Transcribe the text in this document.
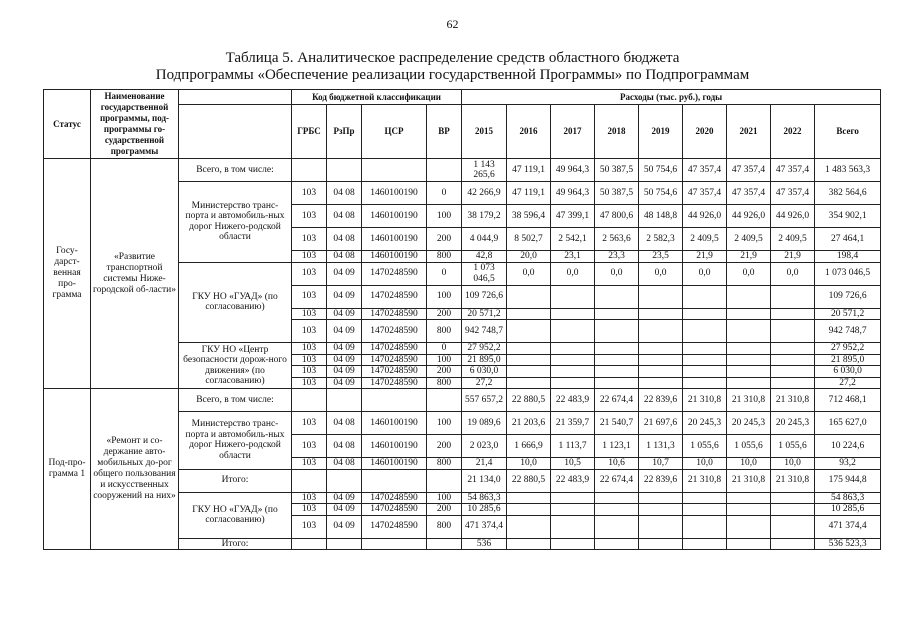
62
Таблица 5. Аналитическое распределение средств областного бюджета
Подпрограммы «Обеспечение реализации государственной Программы» по Подпрограммам
Статус	Наименование государственной программы, под-программы го-сударственной программы		Код бюджетной классификации				Расходы (тыс. руб.), годы								
			ГРБС	РзПр	ЦСР	ВР	2015	2016	2017	2018	2019	2020	2021	2022	Всего
Госу-дарст-венная про-грамма	«Развитие транспортной системы Ниже-городской об-ласти»	Всего, в том числе:					1 143 265,6	47 119,1	49 964,3	50 387,5	50 754,6	47 357,4	47 357,4	47 357,4	1 483 563,3
		Министерство транс-порта и автомобиль-ных дорог Нижего-родской области	103	04 08	1460100190	0	42 266,9	47 119,1	49 964,3	50 387,5	50 754,6	47 357,4	47 357,4	47 357,4	382 564,6
			103	04 08	1460100190	100	38 179,2	38 596,4	47 399,1	47 800,6	48 148,8	44 926,0	44 926,0	44 926,0	354 902,1
			103	04 08	1460100190	200	4 044,9	8 502,7	2 542,1	2 563,6	2 582,3	2 409,5	2 409,5	2 409,5	27 464,1
			103	04 08	1460100190	800	42,8	20,0	23,1	23,3	23,5	21,9	21,9	21,9	198,4
		ГКУ НО «ГУАД» (по согласованию)	103	04 09	1470248590	0	1 073 046,5	0,0	0,0	0,0	0,0	0,0	0,0	0,0	1 073 046,5
			103	04 09	1470248590	100	109 726,6								109 726,6
			103	04 09	1470248590	200	20 571,2								20 571,2
			103	04 09	1470248590	800	942 748,7								942 748,7
		ГКУ НО «Центр безопасности дорож-ного движения» (по согласованию)	103	04 09	1470248590	0	27 952,2								27 952,2
			103	04 09	1470248590	100	21 895,0								21 895,0
			103	04 09	1470248590	200	6 030,0								6 030,0
			103	04 09	1470248590	800	27,2								27,2
Под-про-грамма 1	«Ремонт и со-держание авто-мобильных до-рог общего пользования и искусственных сооружений на них»	Всего, в том числе:					557 657,2	22 880,5	22 483,9	22 674,4	22 839,6	21 310,8	21 310,8	21 310,8	712 468,1
		Министерство транс-порта и автомобиль-ных дорог Нижего-родской области	103	04 08	1460100190	100	19 089,6	21 203,6	21 359,7	21 540,7	21 697,6	20 245,3	20 245,3	20 245,3	165 627,0
			103	04 08	1460100190	200	2 023,0	1 666,9	1 113,7	1 123,1	1 131,3	1 055,6	1 055,6	1 055,6	10 224,6
			103	04 08	1460100190	800	21,4	10,0	10,5	10,6	10,7	10,0	10,0	10,0	93,2
		Итого:					21 134,0	22 880,5	22 483,9	22 674,4	22 839,6	21 310,8	21 310,8	21 310,8	175 944,8
		ГКУ НО «ГУАД» (по согласованию)	103	04 09	1470248590	100	54 863,3								54 863,3
			103	04 09	1470248590	200	10 285,6								10 285,6
			103	04 09	1470248590	800	471 374,4								471 374,4
		Итого:					536								536 523,3
